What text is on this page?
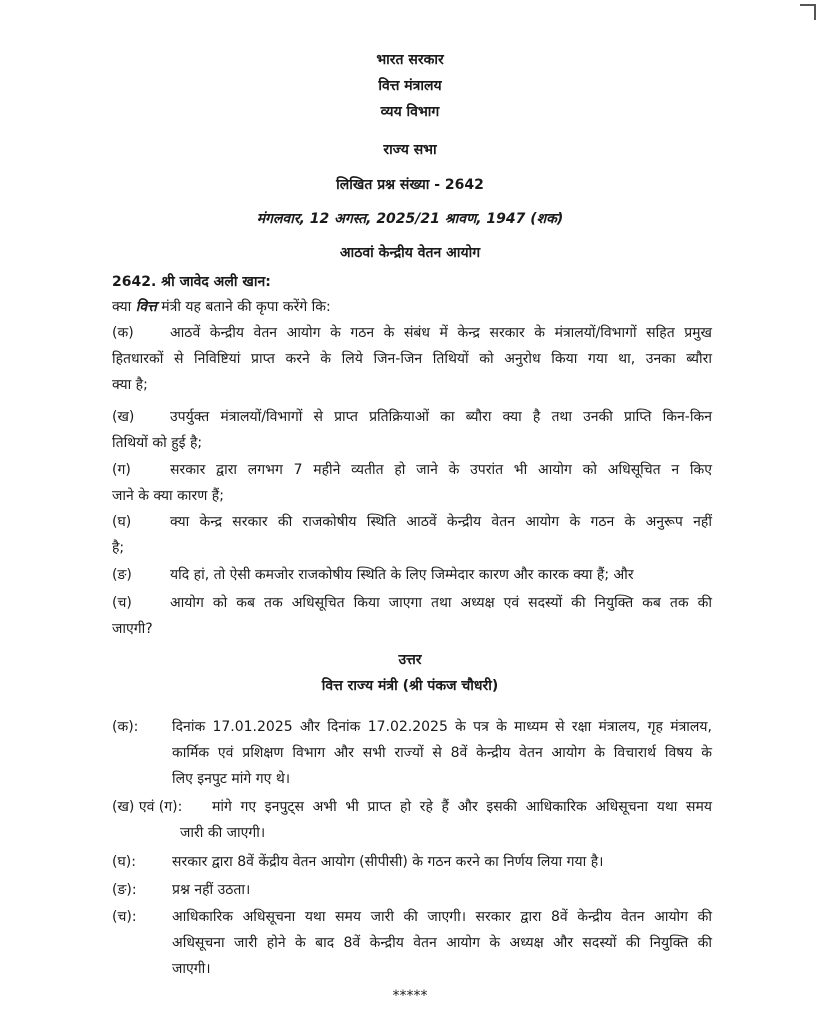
भारत सरकार
वित्त मंत्रालय
व्यय विभाग
राज्य सभा
लिखित प्रश्न संख्या - 2642
मंगलवार, 12 अगस्त, 2025/21 श्रावण, 1947 (शक)
आठवां केन्द्रीय वेतन आयोग
2642. श्री जावेद अली खान:
क्या वित्त मंत्री यह बताने की कृपा करेंगे कि:
(क)	आठवें केन्द्रीय वेतन आयोग के गठन के संबंध में केन्द्र सरकार के मंत्रालयों/विभागों सहित प्रमुख
हितधारकों से निविष्टियां प्राप्त करने के लिये जिन-जिन तिथियों को अनुरोध किया गया था, उनका ब्यौरा
क्या है;
(ख)	उपर्युक्त मंत्रालयों/विभागों से प्राप्त प्रतिक्रियाओं का ब्यौरा क्या है तथा उनकी प्राप्ति किन-किन
तिथियों को हुई है;
(ग)	सरकार द्वारा लगभग 7 महीने व्यतीत हो जाने के उपरांत भी आयोग को अधिसूचित न किए
जाने के क्या कारण हैं;
(घ)	क्या केन्द्र सरकार की राजकोषीय स्थिति आठवें केन्द्रीय वेतन आयोग के गठन के अनुरूप नहीं
है;
(ङ)	यदि हां, तो ऐसी कमजोर राजकोषीय स्थिति के लिए जिम्मेदार कारण और कारक क्या हैं; और
(च)	आयोग को कब तक अधिसूचित किया जाएगा तथा अध्यक्ष एवं सदस्यों की नियुक्ति कब तक की
जाएगी?
उत्तर
वित्त राज्य मंत्री (श्री पंकज चौधरी)
(क): दिनांक 17.01.2025 और दिनांक 17.02.2025 के पत्र के माध्यम से रक्षा मंत्रालय, गृह मंत्रालय,
कार्मिक एवं प्रशिक्षण विभाग और सभी राज्यों से 8वें केन्द्रीय वेतन आयोग के विचारार्थ विषय के
लिए इनपुट मांगे गए थे।
(ख) एवं (ग): मांगे गए इनपुट्स अभी भी प्राप्त हो रहे हैं और इसकी आधिकारिक अधिसूचना यथा समय
जारी की जाएगी।
(घ):	सरकार द्वारा 8वें केंद्रीय वेतन आयोग (सीपीसी) के गठन करने का निर्णय लिया गया है।
(ङ):	प्रश्न नहीं उठता।
(च):	आधिकारिक अधिसूचना यथा समय जारी की जाएगी। सरकार द्वारा 8वें केन्द्रीय वेतन आयोग की
अधिसूचना जारी होने के बाद 8वें केन्द्रीय वेतन आयोग के अध्यक्ष और सदस्यों की नियुक्ति की
जाएगी।
*****
